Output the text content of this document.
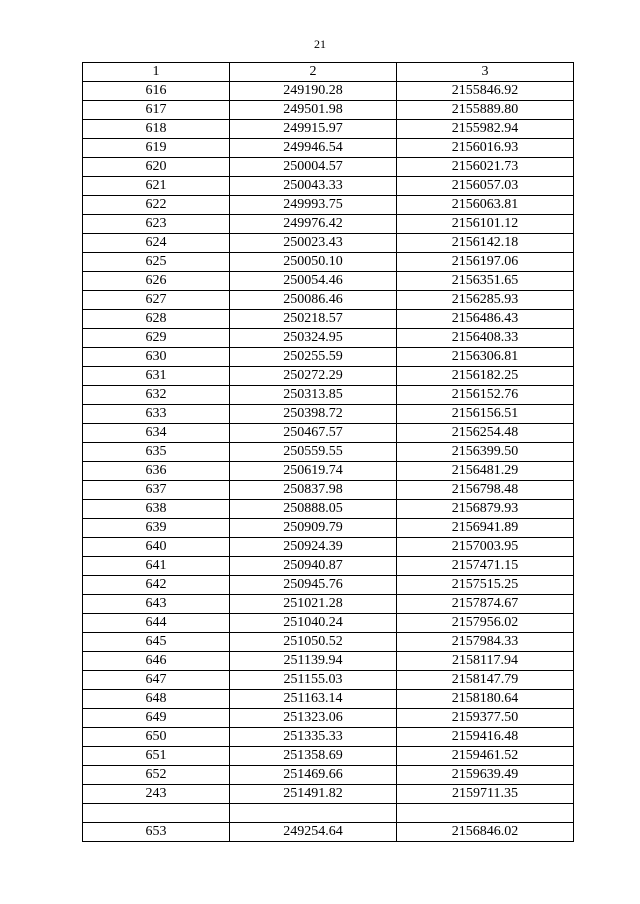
21
1	2	3
616	249190.28	2155846.92
617	249501.98	2155889.80
618	249915.97	2155982.94
619	249946.54	2156016.93
620	250004.57	2156021.73
621	250043.33	2156057.03
622	249993.75	2156063.81
623	249976.42	2156101.12
624	250023.43	2156142.18
625	250050.10	2156197.06
626	250054.46	2156351.65
627	250086.46	2156285.93
628	250218.57	2156486.43
629	250324.95	2156408.33
630	250255.59	2156306.81
631	250272.29	2156182.25
632	250313.85	2156152.76
633	250398.72	2156156.51
634	250467.57	2156254.48
635	250559.55	2156399.50
636	250619.74	2156481.29
637	250837.98	2156798.48
638	250888.05	2156879.93
639	250909.79	2156941.89
640	250924.39	2157003.95
641	250940.87	2157471.15
642	250945.76	2157515.25
643	251021.28	2157874.67
644	251040.24	2157956.02
645	251050.52	2157984.33
646	251139.94	2158117.94
647	251155.03	2158147.79
648	251163.14	2158180.64
649	251323.06	2159377.50
650	251335.33	2159416.48
651	251358.69	2159461.52
652	251469.66	2159639.49
243	251491.82	2159711.35

653	249254.64	2156846.02
